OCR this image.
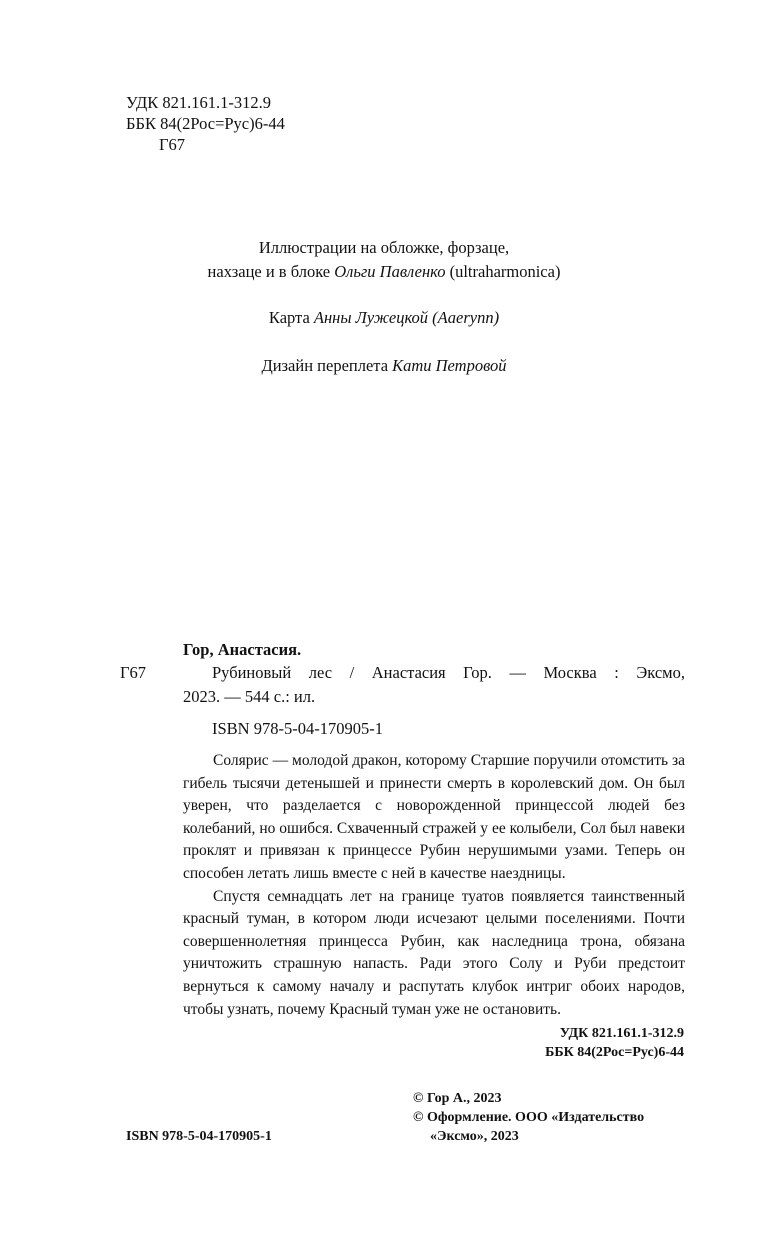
УДК 821.161.1-312.9
ББК 84(2Рос=Рус)6-44
Г67
Иллюстрации на обложке, форзаце,
нахзаце и в блоке Ольги Павленко (ultraharmonica)
Карта Анны Лужецкой (Aaerynn)
Дизайн переплета Кати Петровой
Гор, Анастасия.
Г67	Рубиновый лес / Анастасия Гор. — Москва : Эксмо,
2023. — 544 с.: ил.
ISBN 978-5-04-170905-1

Солярис — молодой дракон, которому Старшие поручили отомстить за гибель тысячи детенышей и принести смерть в королевский дом. Он был уверен, что разделается с новорожденной принцессой людей без колебаний, но ошибся. Схваченный стражей у ее колыбели, Сол был навеки проклят и привязан к принцессе Рубин нерушимыми узами. Теперь он способен летать лишь вместе с ней в качестве наездницы.

Спустя семнадцать лет на границе туатов появляется таинственный красный туман, в котором люди исчезают целыми поселениями. Почти совершеннолетняя принцесса Рубин, как наследница трона, обязана уничтожить страшную напасть. Ради этого Солу и Руби предстоит вернуться к самому началу и распутать клубок интриг обоих народов, чтобы узнать, почему Красный туман уже не остановить.

УДК 821.161.1-312.9
ББК 84(2Рос=Рус)6-44
© Гор А., 2023
© Оформление. ООО «Издательство
«Эксмо», 2023
ISBN 978-5-04-170905-1
